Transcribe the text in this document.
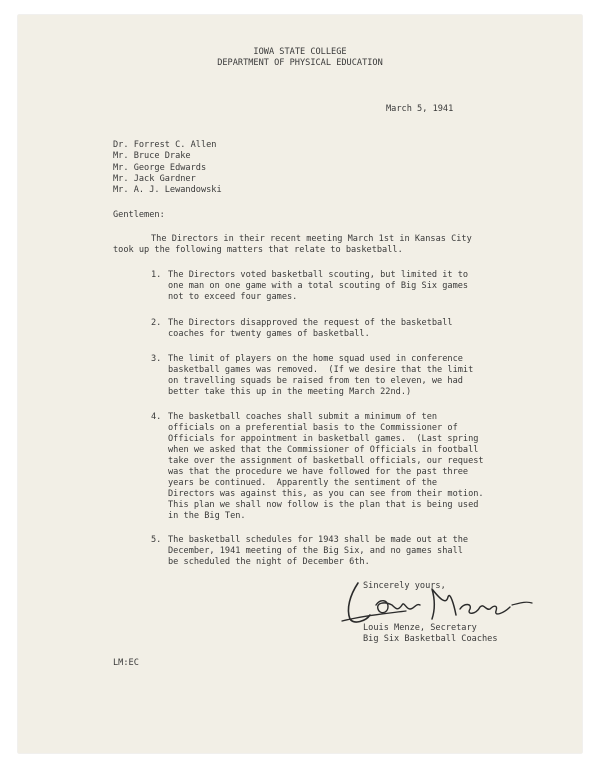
IOWA STATE COLLEGE
DEPARTMENT OF PHYSICAL EDUCATION
March 5, 1941
Dr. Forrest C. Allen
Mr. Bruce Drake
Mr. George Edwards
Mr. Jack Gardner
Mr. A. J. Lewandowski
Gentlemen:
The Directors in their recent meeting March 1st in Kansas City
took up the following matters that relate to basketball.
1. The Directors voted basketball scouting, but limited it to
one man on one game with a total scouting of Big Six games
not to exceed four games.
2. The Directors disapproved the request of the basketball
coaches for twenty games of basketball.
3. The limit of players on the home squad used in conference
basketball games was removed.  (If we desire that the limit
on travelling squads be raised from ten to eleven, we had
better take this up in the meeting March 22nd.)
4. The basketball coaches shall submit a minimum of ten
officials on a preferential basis to the Commissioner of
Officials for appointment in basketball games.  (Last spring
when we asked that the Commissioner of Officials in football
take over the assignment of basketball officials, our request
was that the procedure we have followed for the past three
years be continued.  Apparently the sentiment of the
Directors was against this, as you can see from their motion.
This plan we shall now follow is the plan that is being used
in the Big Ten.
5. The basketball schedules for 1943 shall be made out at the
December, 1941 meeting of the Big Six, and no games shall
be scheduled the night of December 6th.
Sincerely yours,
Louis Menze, Secretary
Big Six Basketball Coaches
LM:EC
